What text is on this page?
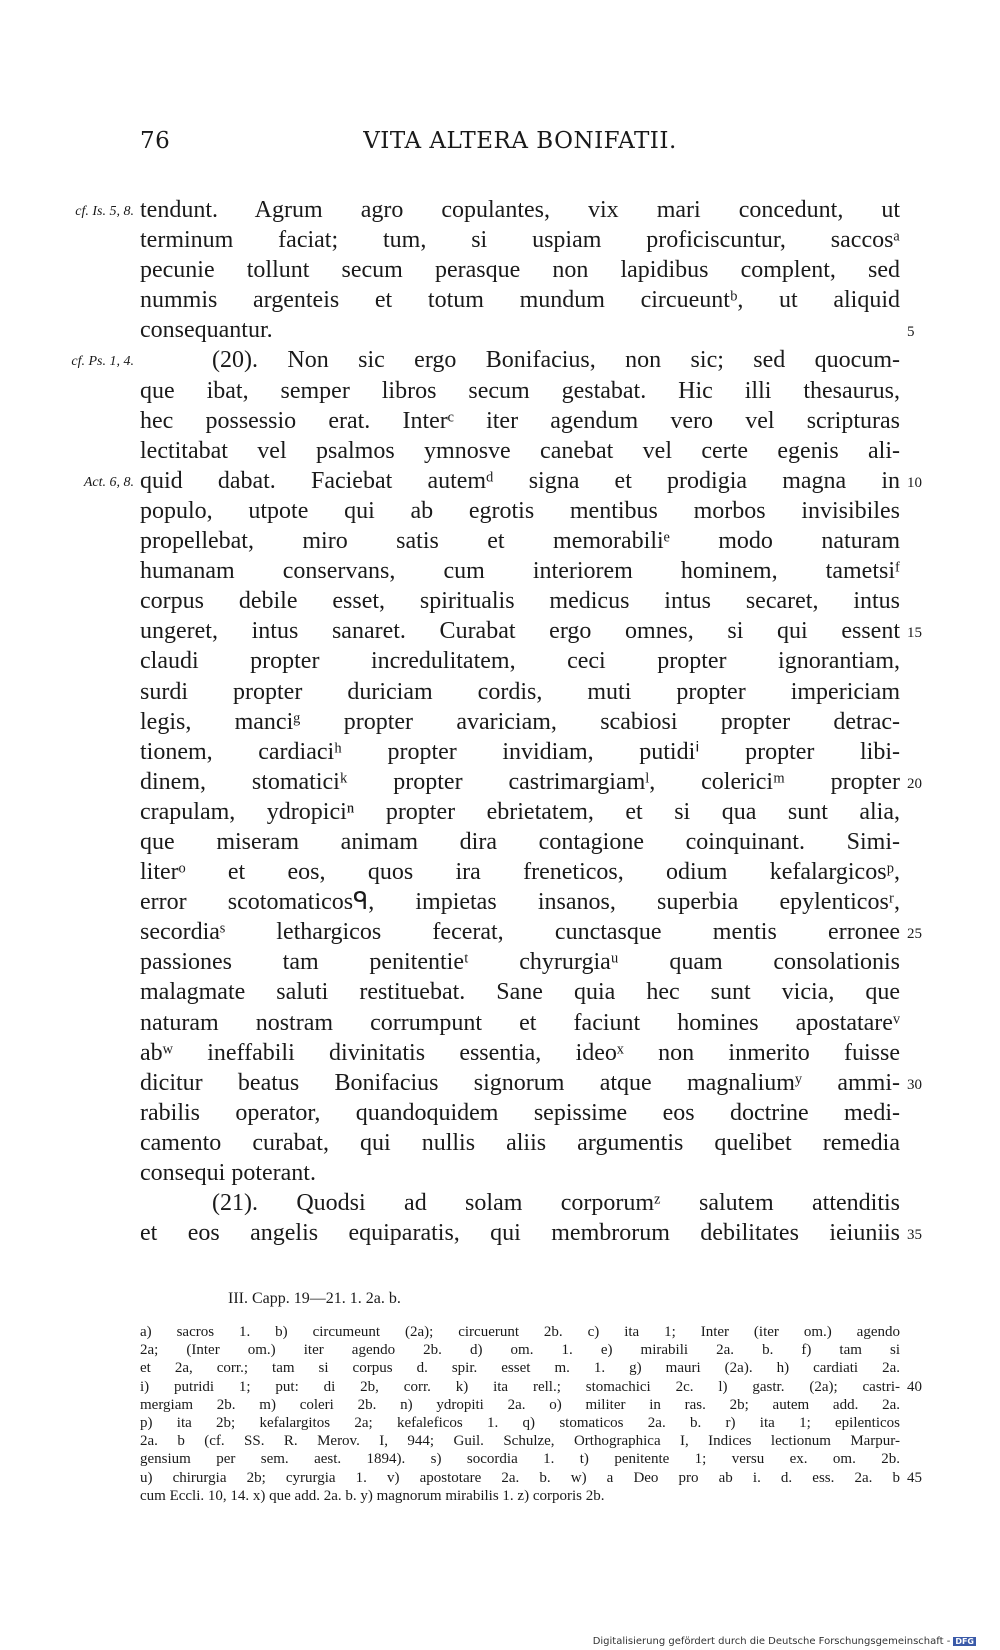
76	VITA ALTERA BONIFATII.
cf. Is. 5, 8. tendunt. Agrum agro copulantes, vix mari concedunt, ut
terminum faciat; tum, si uspiam proficiscuntur, saccosᵃ
pecunie tollunt secum perasque non lapidibus complent, sed
nummis argenteis et totum mundum circueuntᵇ, ut aliquid
consequantur.	5
cf. Ps. 1, 4.	(20). Non sic ergo Bonifacius, non sic; sed quocum-
que ibat, semper libros secum gestabat. Hic illi thesaurus,
hec possessio erat. Interᶜ iter agendum vero vel scripturas
lectitabat vel psalmos ymnosve canebat vel certe egenis ali-
Act. 6, 8. quid dabat. Faciebat autemᵈ signa et prodigia magna in 10
populo, utpote qui ab egrotis mentibus morbos invisibiles
propellebat, miro satis et memorabiliᵉ modo naturam
humanam conservans, cum interiorem hominem, tametsiᶠ
corpus debile esset, spiritualis medicus intus secaret, intus
ungeret, intus sanaret. Curabat ergo omnes, si qui essent 15
claudi propter incredulitatem, ceci propter ignorantiam,
surdi propter duriciam cordis, muti propter impericiam
legis, manciᵍ propter avariciam, scabiosi propter detrac-
tionem, cardiaciʰ propter invidiam, putidiⁱ propter libi-
dinem, stomaticiᵏ propter castrimargiamˡ, colericiᵐ propter 20
crapulam, ydropiciⁿ propter ebrietatem, et si qua sunt alia,
que miseram animam dira contagione coinquinant. Simi-
literᵒ et eos, quos ira freneticos, odium kefalargicosᵖ,
error scotomaticosᑫ, impietas insanos, superbia epylenticosʳ,
secordiaˢ lethargicos fecerat, cunctasque mentis erronee 25
passiones tam penitentieᵗ chyrurgiaᵘ quam consolationis
malagmate saluti restituebat. Sane quia hec sunt vicia, que
naturam nostram corrumpunt et faciunt homines apostatareᵛ
abʷ ineffabili divinitatis essentia, ideoˣ non inmerito fuisse
dicitur beatus Bonifacius signorum atque magnaliumʸ ammi- 30
rabilis operator, quandoquidem sepissime eos doctrine medi-
camento curabat, qui nullis aliis argumentis quelibet remedia
consequi poterant.
(21). Quodsi ad solam corporumᶻ salutem attenditis
et eos angelis equiparatis, qui membrorum debilitates ieiuniis 35
III. Capp. 19—21. 1. 2a. b.
a) sacros 1. b) circumeunt (2a); circuerunt 2b. c) ita 1; Inter (iter om.) agendo
2a; (Inter om.) iter agendo 2b. d) om. 1. e) mirabili 2a. b. f) tam si
et 2a, corr.; tam si corpus d. spir. esset m. 1. g) mauri (2a). h) cardiati 2a.
i) putridi 1; put: di 2b, corr. k) ita rell.; stomachici 2c. l) gastr. (2a); castri- 40
mergiam 2b. m) coleri 2b. n) ydropiti 2a. o) militer in ras. 2b; autem add. 2a.
p) ita 2b; kefalargitos 2a; kefaleficos 1. q) stomaticos 2a. b. r) ita 1; epilenticos
2a. b (cf. SS. R. Merov. I, 944; Guil. Schulze, Orthographica I, Indices lectionum Marpur-
gensium per sem. aest. 1894). s) socordia 1. t) penitente 1; versu ex. om. 2b.
u) chirurgia 2b; cyrurgia 1. v) apostotare 2a. b. w) a Deo pro ab i. d. ess. 2a. b 45
cum Eccli. 10, 14. x) que add. 2a. b. y) magnorum mirabilis 1. z) corporis 2b.
Digitalisierung gefördert durch die Deutsche Forschungsgemeinschaft - DFG
